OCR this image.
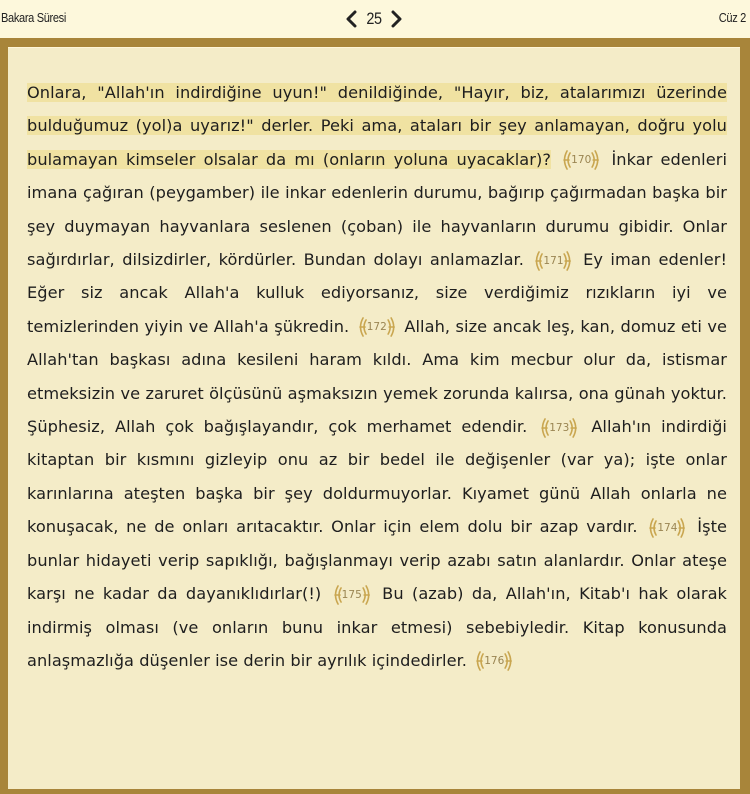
Bakara Süresi	25	Cüz 2

Onlara, "Allah'ın indirdiğine uyun!" denildiğinde, "Hayır, biz, atalarımızı üzerinde bulduğumuz (yol)a uyarız!" derler. Peki ama, ataları bir şey anlamayan, doğru yolu bulamayan kimseler olsalar da mı (onların yoluna uyacaklar)? 170 İnkar edenleri imana çağıran (peygamber) ile inkar edenlerin durumu, bağırıp çağırmadan başka bir şey duymayan hayvanlara seslenen (çoban) ile hayvanların durumu gibidir. Onlar sağırdırlar, dilsizdirler, kördürler. Bundan dolayı anlamazlar. 171 Ey iman edenler! Eğer siz ancak Allah'a kulluk ediyorsanız, size verdiğimiz rızıkların iyi ve temizlerinden yiyin ve Allah'a şükredin. 172 Allah, size ancak leş, kan, domuz eti ve Allah'tan başkası adına kesileni haram kıldı. Ama kim mecbur olur da, istismar etmeksizin ve zaruret ölçüsünü aşmaksızın yemek zorunda kalırsa, ona günah yoktur. Şüphesiz, Allah çok bağışlayandır, çok merhamet edendir. 173 Allah'ın indirdiği kitaptan bir kısmını gizleyip onu az bir bedel ile değişenler (var ya); işte onlar karınlarına ateşten başka bir şey doldurmuyorlar. Kıyamet günü Allah onlarla ne konuşacak, ne de onları arıtacaktır. Onlar için elem dolu bir azap vardır. 174 İşte bunlar hidayeti verip sapıklığı, bağışlanmayı verip azabı satın alanlardır. Onlar ateşe karşı ne kadar da dayanıklıdırlar(!) 175 Bu (azab) da, Allah'ın, Kitab'ı hak olarak indirmiş olması (ve onların bunu inkar etmesi) sebebiyledir. Kitap konusunda anlaşmazlığa düşenler ise derin bir ayrılık içindedirler. 176
